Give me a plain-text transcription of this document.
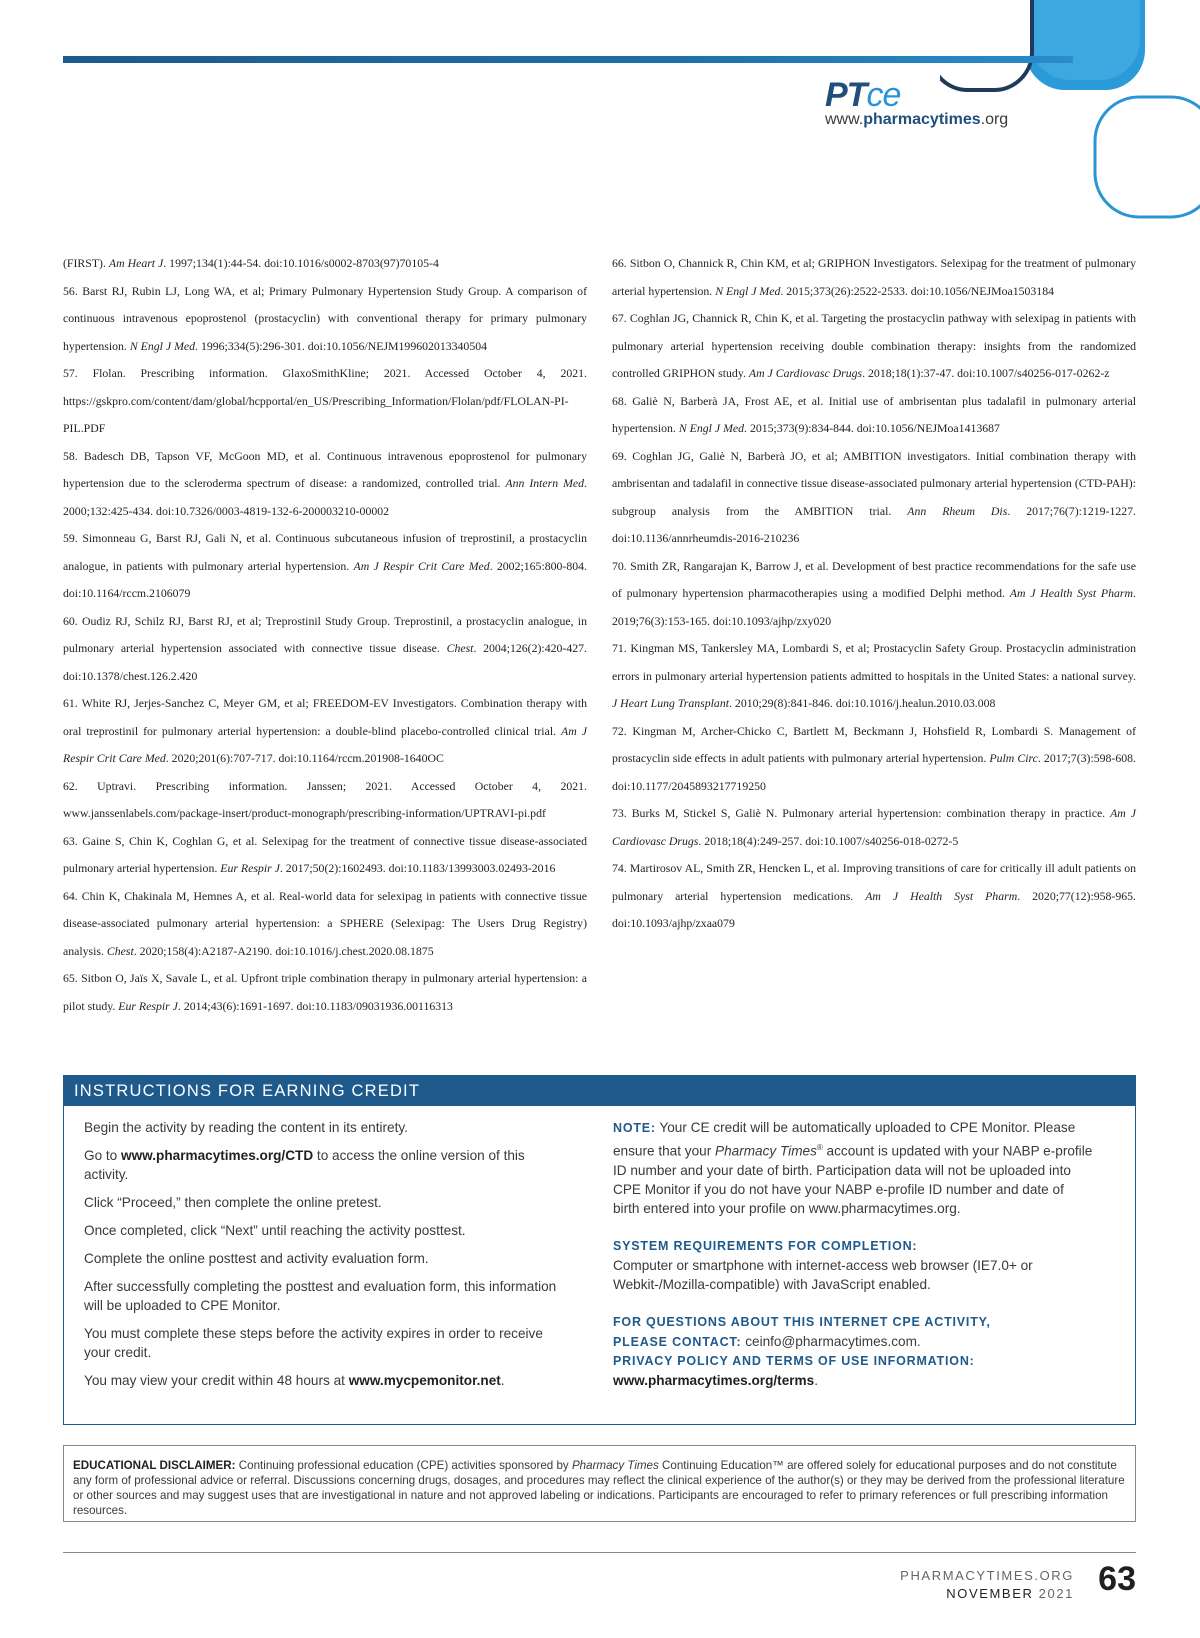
PTce
www.pharmacytimes.org

(FIRST). Am Heart J. 1997;134(1):44-54. doi:10.1016/s0002-8703(97)70105-4

56. Barst RJ, Rubin LJ, Long WA, et al; Primary Pulmonary Hypertension Study Group. A comparison of continuous intravenous epoprostenol (prostacyclin) with conventional therapy for primary pulmonary hypertension. N Engl J Med. 1996;334(5):296-301. doi:10.1056/NEJM199602013340504

57. Flolan. Prescribing information. GlaxoSmithKline; 2021. Accessed October 4, 2021. https://gskpro.com/content/dam/global/hcpportal/en_US/Prescribing_Information/Flolan/pdf/FLOLAN-PI-PIL.PDF

58. Badesch DB, Tapson VF, McGoon MD, et al. Continuous intravenous epoprostenol for pulmonary hypertension due to the scleroderma spectrum of disease: a randomized, controlled trial. Ann Intern Med. 2000;132:425-434. doi:10.7326/0003-4819-132-6-200003210-00002

59. Simonneau G, Barst RJ, Gali N, et al. Continuous subcutaneous infusion of treprostinil, a prostacyclin analogue, in patients with pulmonary arterial hypertension. Am J Respir Crit Care Med. 2002;165:800-804. doi:10.1164/rccm.2106079

60. Oudiz RJ, Schilz RJ, Barst RJ, et al; Treprostinil Study Group. Treprostinil, a prostacyclin analogue, in pulmonary arterial hypertension associated with connective tissue disease. Chest. 2004;126(2):420-427. doi:10.1378/chest.126.2.420

61. White RJ, Jerjes-Sanchez C, Meyer GM, et al; FREEDOM-EV Investigators. Combination therapy with oral treprostinil for pulmonary arterial hypertension: a double-blind placebo-controlled clinical trial. Am J Respir Crit Care Med. 2020;201(6):707-717. doi:10.1164/rccm.201908-1640OC

62. Uptravi. Prescribing information. Janssen; 2021. Accessed October 4, 2021. www.janssenlabels.com/package-insert/product-monograph/prescribing-information/UPTRAVI-pi.pdf

63. Gaine S, Chin K, Coghlan G, et al. Selexipag for the treatment of connective tissue disease-associated pulmonary arterial hypertension. Eur Respir J. 2017;50(2):1602493. doi:10.1183/13993003.02493-2016

64. Chin K, Chakinala M, Hemnes A, et al. Real-world data for selexipag in patients with connective tissue disease-associated pulmonary arterial hypertension: a SPHERE (Selexipag: The Users Drug Registry) analysis. Chest. 2020;158(4):A2187-A2190. doi:10.1016/j.chest.2020.08.1875

65. Sitbon O, Jaïs X, Savale L, et al. Upfront triple combination therapy in pulmonary arterial hypertension: a pilot study. Eur Respir J. 2014;43(6):1691-1697. doi:10.1183/09031936.00116313

66. Sitbon O, Channick R, Chin KM, et al; GRIPHON Investigators. Selexipag for the treatment of pulmonary arterial hypertension. N Engl J Med. 2015;373(26):2522-2533. doi:10.1056/NEJMoa1503184

67. Coghlan JG, Channick R, Chin K, et al. Targeting the prostacyclin pathway with selexipag in patients with pulmonary arterial hypertension receiving double combination therapy: insights from the randomized controlled GRIPHON study. Am J Cardiovasc Drugs. 2018;18(1):37-47. doi:10.1007/s40256-017-0262-z

68. Galiè N, Barberà JA, Frost AE, et al. Initial use of ambrisentan plus tadalafil in pulmonary arterial hypertension. N Engl J Med. 2015;373(9):834-844. doi:10.1056/NEJMoa1413687

69. Coghlan JG, Galiè N, Barberà JO, et al; AMBITION investigators. Initial combination therapy with ambrisentan and tadalafil in connective tissue disease-associated pulmonary arterial hypertension (CTD-PAH): subgroup analysis from the AMBITION trial. Ann Rheum Dis. 2017;76(7):1219-1227. doi:10.1136/annrheumdis-2016-210236

70. Smith ZR, Rangarajan K, Barrow J, et al. Development of best practice recommendations for the safe use of pulmonary hypertension pharmacotherapies using a modified Delphi method. Am J Health Syst Pharm. 2019;76(3):153-165. doi:10.1093/ajhp/zxy020

71. Kingman MS, Tankersley MA, Lombardi S, et al; Prostacyclin Safety Group. Prostacyclin administration errors in pulmonary arterial hypertension patients admitted to hospitals in the United States: a national survey. J Heart Lung Transplant. 2010;29(8):841-846. doi:10.1016/j.healun.2010.03.008

72. Kingman M, Archer-Chicko C, Bartlett M, Beckmann J, Hohsfield R, Lombardi S. Management of prostacyclin side effects in adult patients with pulmonary arterial hypertension. Pulm Circ. 2017;7(3):598-608. doi:10.1177/2045893217719250

73. Burks M, Stickel S, Galiè N. Pulmonary arterial hypertension: combination therapy in practice. Am J Cardiovasc Drugs. 2018;18(4):249-257. doi:10.1007/s40256-018-0272-5

74. Martirosov AL, Smith ZR, Hencken L, et al. Improving transitions of care for critically ill adult patients on pulmonary arterial hypertension medications. Am J Health Syst Pharm. 2020;77(12):958-965. doi:10.1093/ajhp/zxaa079

INSTRUCTIONS FOR EARNING CREDIT

Begin the activity by reading the content in its entirety.

Go to www.pharmacytimes.org/CTD to access the online version of this activity.

Click “Proceed,” then complete the online pretest.

Once completed, click “Next” until reaching the activity posttest.

Complete the online posttest and activity evaluation form.

After successfully completing the posttest and evaluation form, this information will be uploaded to CPE Monitor.

You must complete these steps before the activity expires in order to receive your credit.

You may view your credit within 48 hours at www.mycpemonitor.net.

NOTE: Your CE credit will be automatically uploaded to CPE Monitor. Please ensure that your Pharmacy Times® account is updated with your NABP e-profile ID number and your date of birth. Participation data will not be uploaded into CPE Monitor if you do not have your NABP e-profile ID number and date of birth entered into your profile on www.pharmacytimes.org.
SYSTEM REQUIREMENTS FOR COMPLETION:
Computer or smartphone with internet-access web browser (IE7.0+ or Webkit-/Mozilla-compatible) with JavaScript enabled.
FOR QUESTIONS ABOUT THIS INTERNET CPE ACTIVITY,
PLEASE CONTACT: ceinfo@pharmacytimes.com.
PRIVACY POLICY AND TERMS OF USE INFORMATION:
www.pharmacytimes.org/terms.
EDUCATIONAL DISCLAIMER: Continuing professional education (CPE) activities sponsored by Pharmacy Times Continuing Education™ are offered solely for educational purposes and do not constitute any form of professional advice or referral. Discussions concerning drugs, dosages, and procedures may reflect the clinical experience of the author(s) or they may be derived from the professional literature or other sources and may suggest uses that are investigational in nature and not approved labeling or indications. Participants are encouraged to refer to primary references or full prescribing information resources.
PHARMACYTIMES.ORG
NOVEMBER 2021 63
